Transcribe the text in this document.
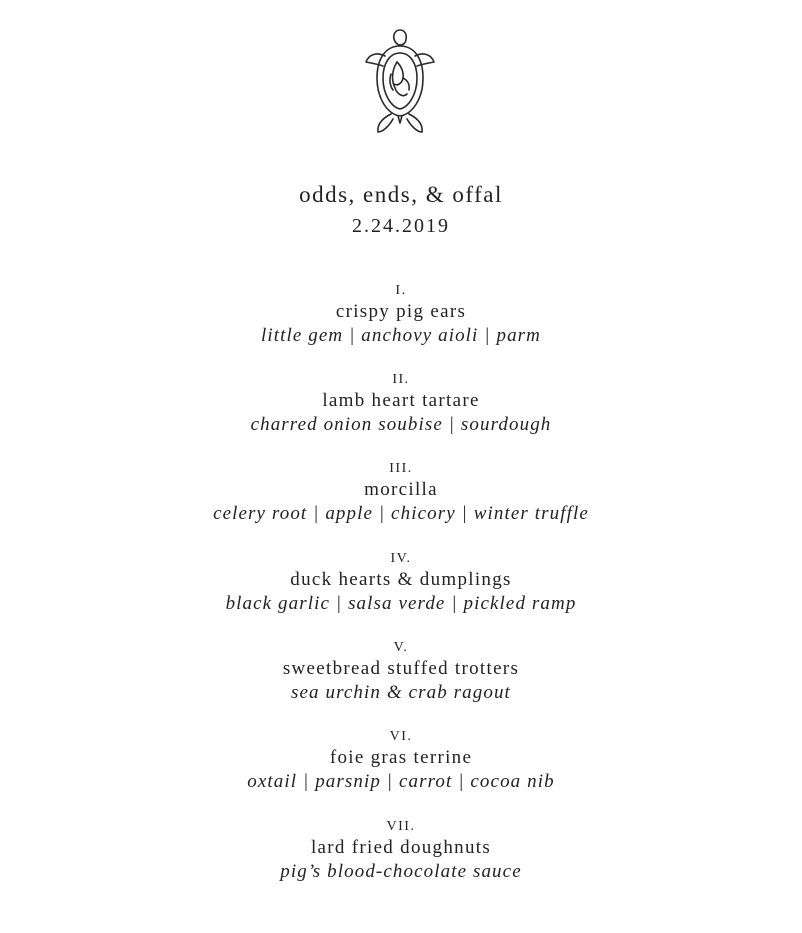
odds, ends, & offal
2.24.2019
I.
crispy pig ears
little gem | anchovy aioli | parm
II.
lamb heart tartare
charred onion soubise | sourdough
III.
morcilla
celery root | apple | chicory | winter truffle
IV.
duck hearts & dumplings
black garlic | salsa verde | pickled ramp
V.
sweetbread stuffed trotters
sea urchin & crab ragout
VI.
foie gras terrine
oxtail | parsnip | carrot | cocoa nib
VII.
lard fried doughnuts
pig’s blood-chocolate sauce
